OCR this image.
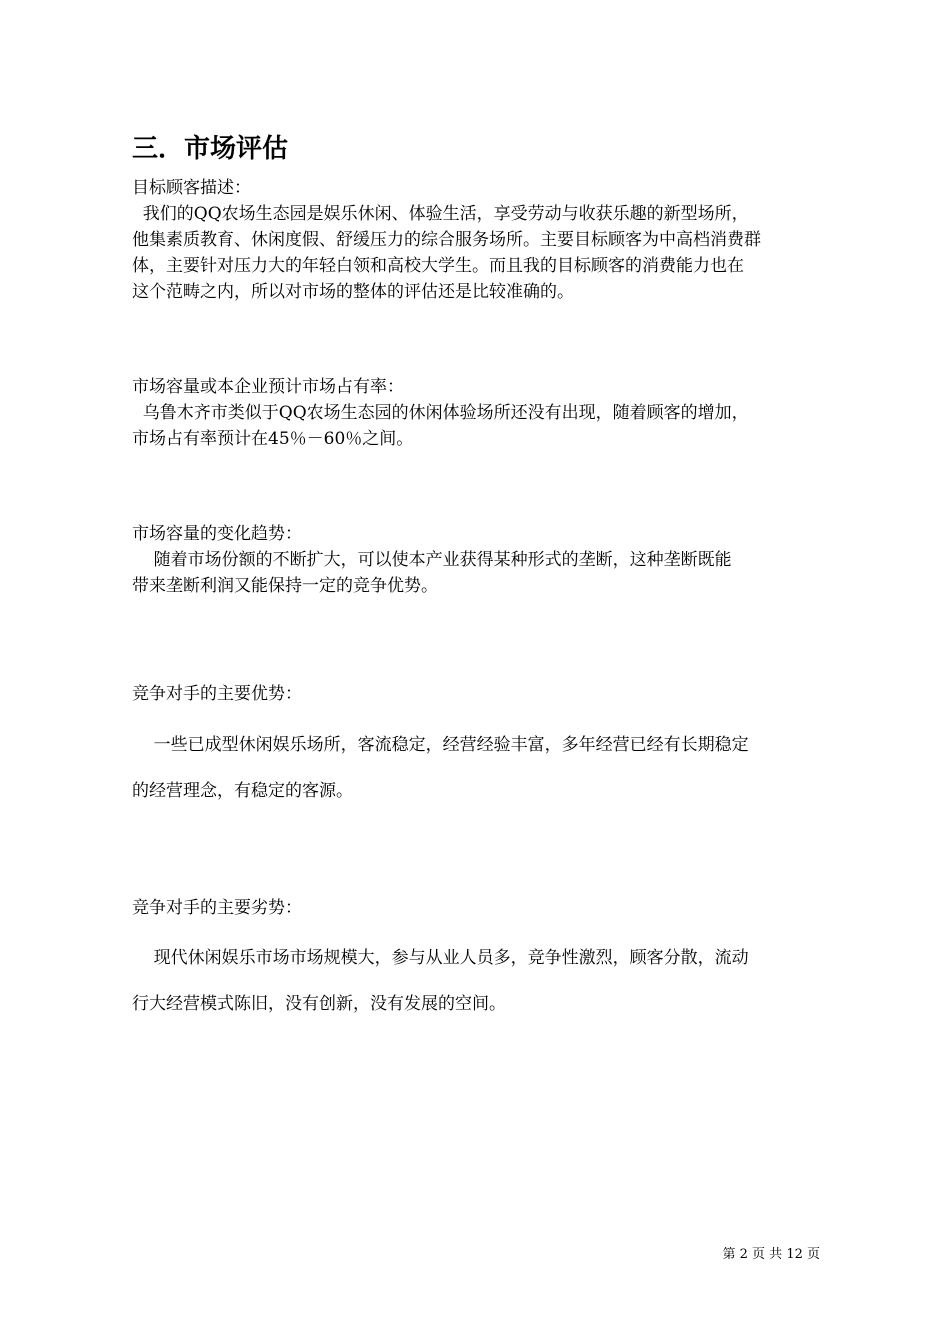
三．市场评估
目标顾客描述：
我们的QQ农场生态园是娱乐休闲、体验生活，享受劳动与收获乐趣的新型场所，
他集素质教育、休闲度假、舒缓压力的综合服务场所。主要目标顾客为中高档消费群
体，主要针对压力大的年轻白领和高校大学生。而且我的目标顾客的消费能力也在
这个范畴之内，所以对市场的整体的评估还是比较准确的。
市场容量或本企业预计市场占有率：
乌鲁木齐市类似于QQ农场生态园的休闲体验场所还没有出现，随着顾客的增加，
市场占有率预计在45％－60％之间。
市场容量的变化趋势：
随着市场份额的不断扩大，可以使本产业获得某种形式的垄断，这种垄断既能
带来垄断利润又能保持一定的竞争优势。
竞争对手的主要优势：
一些已成型休闲娱乐场所，客流稳定，经营经验丰富，多年经营已经有长期稳定
的经营理念，有稳定的客源。
竞争对手的主要劣势：
现代休闲娱乐市场市场规模大，参与从业人员多，竞争性激烈，顾客分散，流动
行大经营模式陈旧，没有创新，没有发展的空间。
第 2 页 共 12 页
